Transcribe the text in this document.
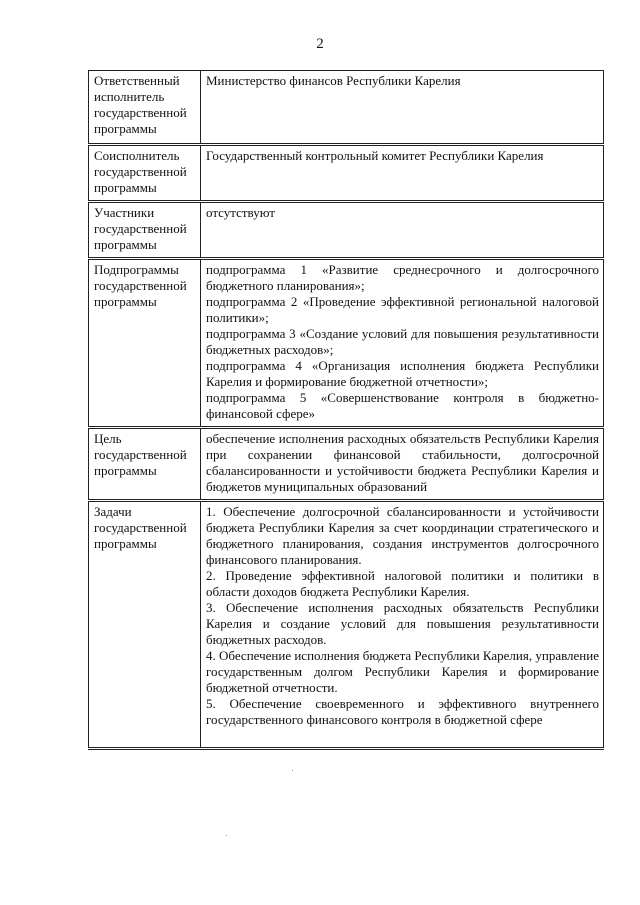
2
Ответственный исполнитель государственной программы	Министерство финансов Республики Карелия

Соисполнитель государственной программы	Государственный контрольный комитет Республики Карелия

Участники государственной программы	отсутствуют

Подпрограммы государственной программы	подпрограмма 1 «Развитие среднесрочного и долгосрочного бюджетного планирования»;
подпрограмма 2 «Проведение эффективной региональной налоговой политики»;
подпрограмма 3 «Создание условий для повышения результативности бюджетных расходов»;
подпрограмма 4 «Организация исполнения бюджета Республики Карелия и формирование бюджетной отчетности»;
подпрограмма 5 «Совершенствование контроля в бюджетно-финансовой сфере»

Цель государственной программы	обеспечение исполнения расходных обязательств Республики Карелия при сохранении финансовой стабильности, долгосрочной сбалансированности и устойчивости бюджета Республики Карелия и бюджетов муниципальных образований

Задачи государственной программы	1. Обеспечение долгосрочной сбалансированности и устойчивости бюджета Республики Карелия за счет координации стратегического и бюджетного планирования, создания инструментов долгосрочного финансового планирования.
2. Проведение эффективной налоговой политики и политики в области доходов бюджета Республики Карелия.
3. Обеспечение исполнения расходных обязательств Республики Карелия и создание условий для повышения результативности бюджетных расходов.
4. Обеспечение исполнения бюджета Республики Карелия, управление государственным долгом Республики Карелия и формирование бюджетной отчетности.
5. Обеспечение своевременного и эффективного внутреннего государственного финансового контроля в бюджетной сфере
